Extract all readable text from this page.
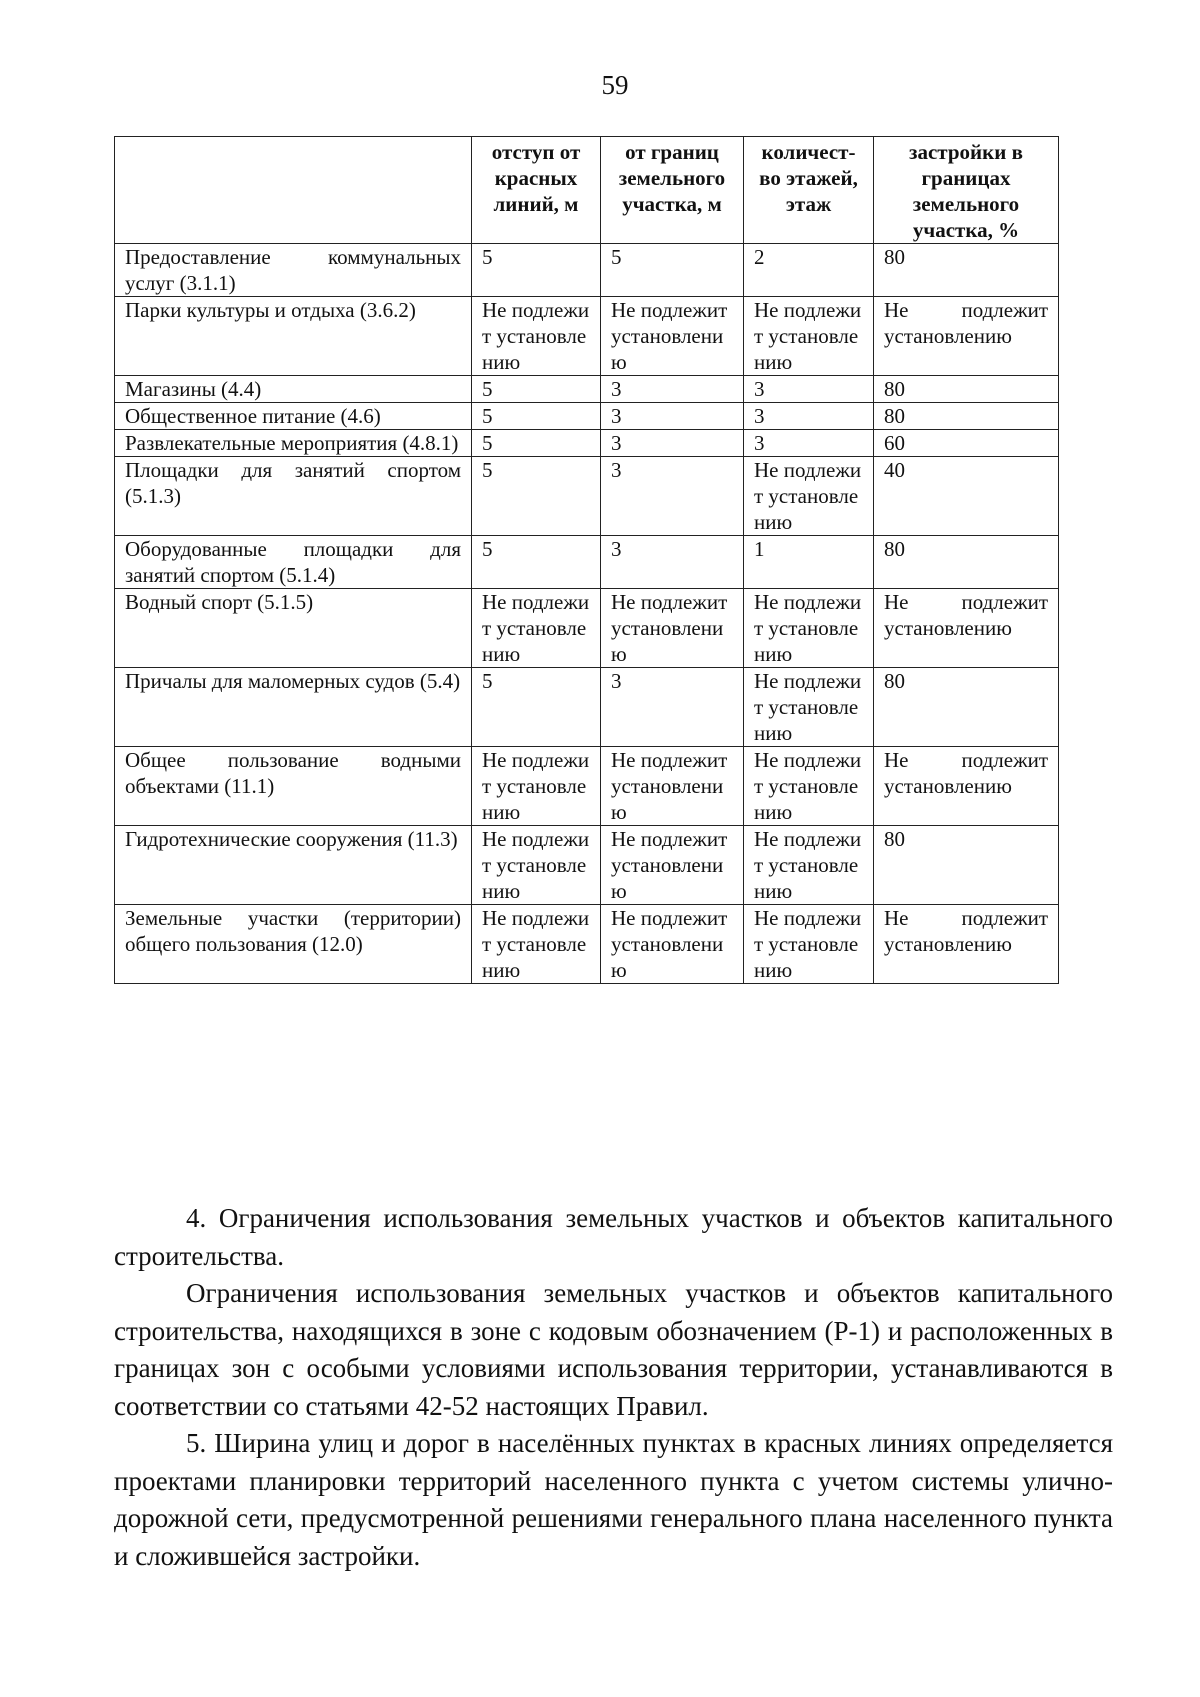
59
	отступ от красных линий, м	от границ земельного участка, м	количест-во этажей, этаж	застройки в границах земельного участка, %
Предоставление коммунальных услуг (3.1.1)	5	5	2	80
Парки культуры и отдыха (3.6.2)	Не подлежит установлению	Не подлежит установлению	Не подлежит установлению	Не подлежит установлению
Магазины (4.4)	5	3	3	80
Общественное питание (4.6)	5	3	3	80
Развлекательные мероприятия (4.8.1)	5	3	3	60
Площадки для занятий спортом (5.1.3)	5	3	Не подлежит установлению	40
Оборудованные площадки для занятий спортом (5.1.4)	5	3	1	80
Водный спорт (5.1.5)	Не подлежит установлению	Не подлежит установлению	Не подлежит установлению	Не подлежит установлению
Причалы для маломерных судов (5.4)	5	3	Не подлежит установлению	80
Общее пользование водными объектами (11.1)	Не подлежит установлению	Не подлежит установлению	Не подлежит установлению	Не подлежит установлению
Гидротехнические сооружения (11.3)	Не подлежит установлению	Не подлежит установлению	Не подлежит установлению	80
Земельные участки (территории) общего пользования (12.0)	Не подлежит установлению	Не подлежит установлению	Не подлежит установлению	Не подлежит установлению

4. Ограничения использования земельных участков и объектов капитального строительства.

Ограничения использования земельных участков и объектов капитального строительства, находящихся в зоне с кодовым обозначением (Р-1) и расположенных в границах зон с особыми условиями использования территории, устанавливаются в соответствии со статьями 42-52 настоящих Правил.

5. Ширина улиц и дорог в населённых пунктах в красных линиях определяется проектами планировки территорий населенного пункта с учетом системы улично-дорожной сети, предусмотренной решениями генерального плана населенного пункта и сложившейся застройки.
